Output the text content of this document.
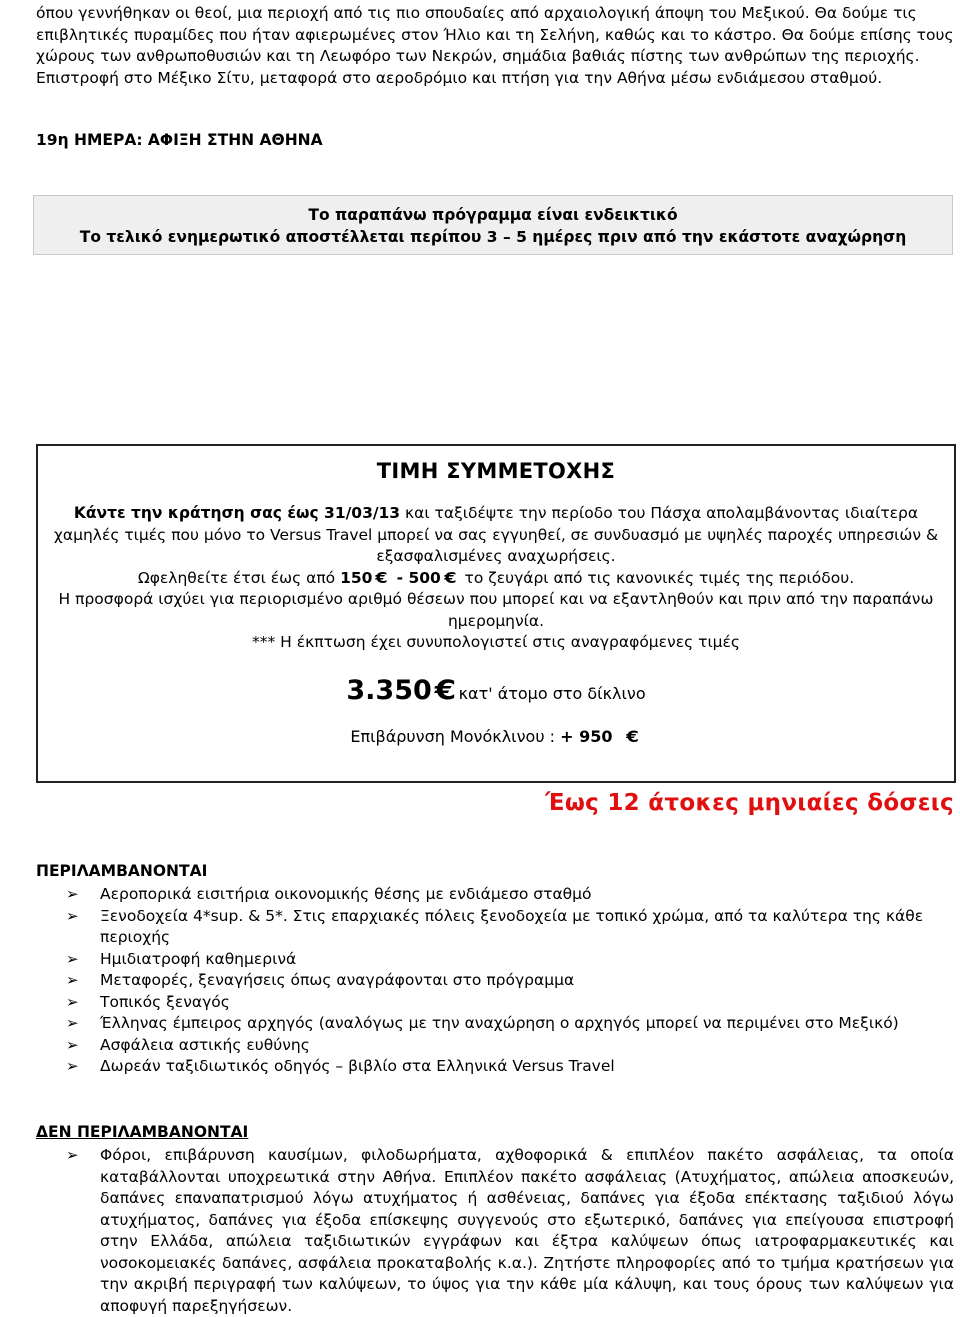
όπου γεννήθηκαν οι θεοί, μια περιοχή από τις πιο σπουδαίες από αρχαιολογική άποψη του Μεξικού. Θα δούμε τις επιβλητικές πυραμίδες που ήταν αφιερωμένες στον Ήλιο και τη Σελήνη, καθώς και το κάστρο. Θα δούμε επίσης τους χώρους των ανθρωποθυσιών και τη Λεωφόρο των Νεκρών, σημάδια βαθιάς πίστης των ανθρώπων της περιοχής. Επιστροφή στο Μέξικο Σίτυ, μεταφορά στο αεροδρόμιο και πτήση για την Αθήνα μέσω ενδιάμεσου σταθμού.
19η ΗΜΕΡΑ: ΑΦΙΞΗ ΣΤΗΝ ΑΘΗΝΑ
Το παραπάνω πρόγραμμα είναι ενδεικτικό
Το τελικό ενημερωτικό αποστέλλεται περίπου 3 – 5 ημέρες πριν από την εκάστοτε αναχώρηση
ΤΙΜΗ ΣΥΜΜΕΤΟΧΗΣ
Κάντε την κράτηση σας έως 31/03/13 και ταξιδέψτε την περίοδο του Πάσχα απολαμβάνοντας ιδιαίτερα χαμηλές τιμές που μόνο το Versus Travel μπορεί να σας εγγυηθεί, σε συνδυασμό με υψηλές παροχές υπηρεσιών & εξασφαλισμένες αναχωρήσεις.
Ωφεληθείτε έτσι έως από 150 € - 500 € το ζευγάρι από τις κανονικές τιμές της περιόδου.
Η προσφορά ισχύει για περιορισμένο αριθμό θέσεων που μπορεί και να εξαντληθούν και πριν από την παραπάνω ημερομηνία.
*** Η έκπτωση έχει συνυπολογιστεί στις αναγραφόμενες τιμές
3.350€ κατ' άτομο στο δίκλινο
Επιβάρυνση Μονόκλινου : + 950 €
Έως 12 άτοκες μηνιαίες δόσεις
ΠΕΡΙΛΑΜΒΑΝΟΝΤΑΙ
➢ Αεροπορικά εισιτήρια οικονομικής θέσης με ενδιάμεσο σταθμό
➢ Ξενοδοχεία 4*sup. & 5*. Στις επαρχιακές πόλεις ξενοδοχεία με τοπικό χρώμα, από τα καλύτερα της κάθε περιοχής
➢ Ημιδιατροφή καθημερινά
➢ Μεταφορές, ξεναγήσεις όπως αναγράφονται στο πρόγραμμα
➢ Τοπικός ξεναγός
➢ Έλληνας έμπειρος αρχηγός (αναλόγως με την αναχώρηση ο αρχηγός μπορεί να περιμένει στο Μεξικό)
➢ Ασφάλεια αστικής ευθύνης
➢ Δωρεάν ταξιδιωτικός οδηγός – βιβλίο στα Ελληνικά Versus Travel
ΔΕΝ ΠΕΡΙΛΑΜΒΑΝΟΝΤΑΙ
➢ Φόροι, επιβάρυνση καυσίμων, φιλοδωρήματα, αχθοφορικά & επιπλέον πακέτο ασφάλειας, τα οποία καταβάλλονται υποχρεωτικά στην Αθήνα. Επιπλέον πακέτο ασφάλειας (Ατυχήματος, απώλεια αποσκευών, δαπάνες επαναπατρισμού λόγω ατυχήματος ή ασθένειας, δαπάνες για έξοδα επέκτασης ταξιδιού λόγω ατυχήματος, δαπάνες για έξοδα επίσκεψης συγγενούς στο εξωτερικό, δαπάνες για επείγουσα επιστροφή στην Ελλάδα, απώλεια ταξιδιωτικών εγγράφων και έξτρα καλύψεων όπως ιατροφαρμακευτικές και νοσοκομειακές δαπάνες, ασφάλεια προκαταβολής κ.α.). Ζητήστε πληροφορίες από το τμήμα κρατήσεων για την ακριβή περιγραφή των καλύψεων, το ύψος για την κάθε μία κάλυψη, και τους όρους των καλύψεων για αποφυγή παρεξηγήσεων.
